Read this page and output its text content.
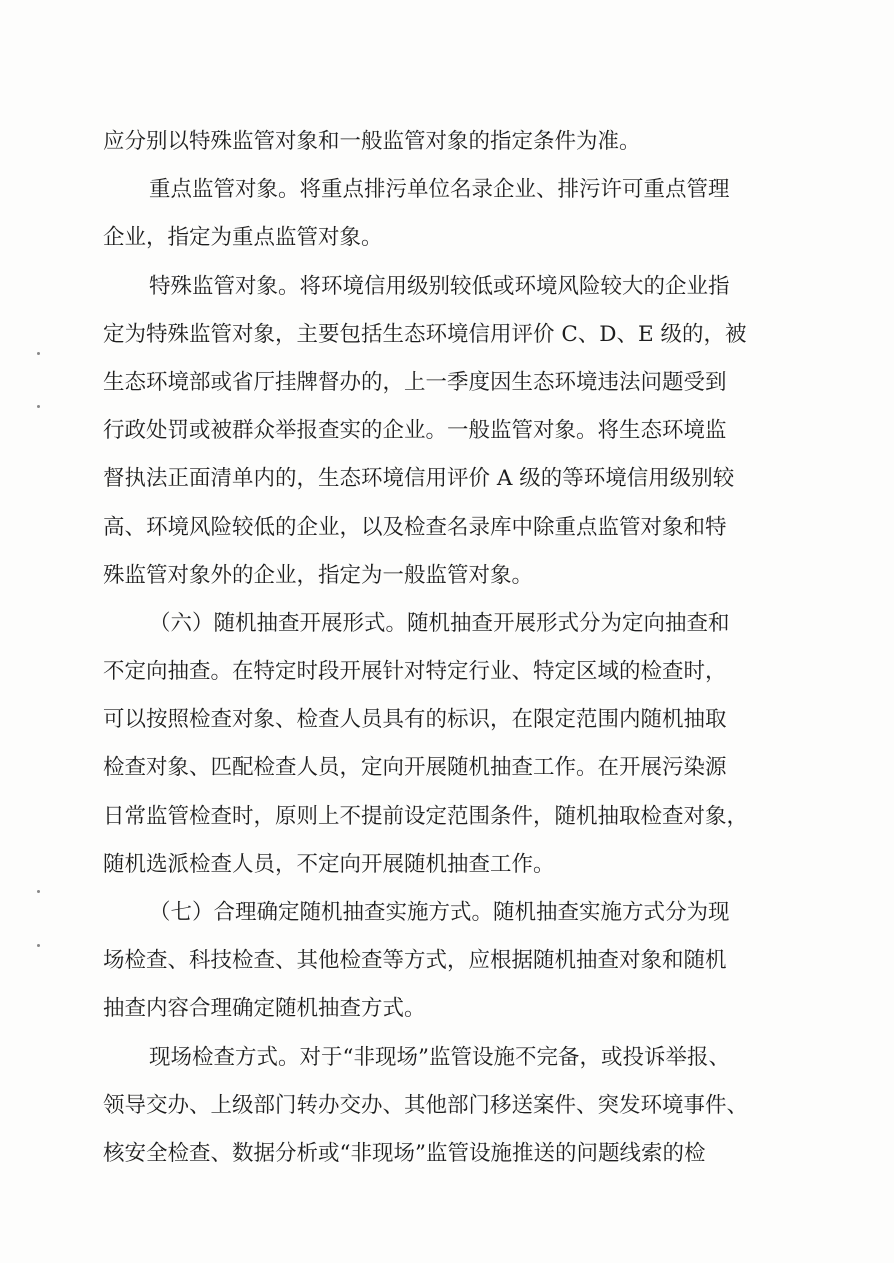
应分别以特殊监管对象和一般监管对象的指定条件为准。
重点监管对象。将重点排污单位名录企业、排污许可重点管理
企业，指定为重点监管对象。
特殊监管对象。将环境信用级别较低或环境风险较大的企业指
定为特殊监管对象，主要包括生态环境信用评价 C、D、E 级的，被
生态环境部或省厅挂牌督办的，上一季度因生态环境违法问题受到
行政处罚或被群众举报查实的企业。一般监管对象。将生态环境监
督执法正面清单内的，生态环境信用评价 A 级的等环境信用级别较
高、环境风险较低的企业，以及检查名录库中除重点监管对象和特
殊监管对象外的企业，指定为一般监管对象。
（六）随机抽查开展形式。随机抽查开展形式分为定向抽查和
不定向抽查。在特定时段开展针对特定行业、特定区域的检查时，
可以按照检查对象、检查人员具有的标识，在限定范围内随机抽取
检查对象、匹配检查人员，定向开展随机抽查工作。在开展污染源
日常监管检查时，原则上不提前设定范围条件，随机抽取检查对象，
随机选派检查人员，不定向开展随机抽查工作。
（七）合理确定随机抽查实施方式。随机抽查实施方式分为现
场检查、科技检查、其他检查等方式，应根据随机抽查对象和随机
抽查内容合理确定随机抽查方式。
现场检查方式。对于“非现场”监管设施不完备，或投诉举报、
领导交办、上级部门转办交办、其他部门移送案件、突发环境事件、
核安全检查、数据分析或“非现场”监管设施推送的问题线索的检
